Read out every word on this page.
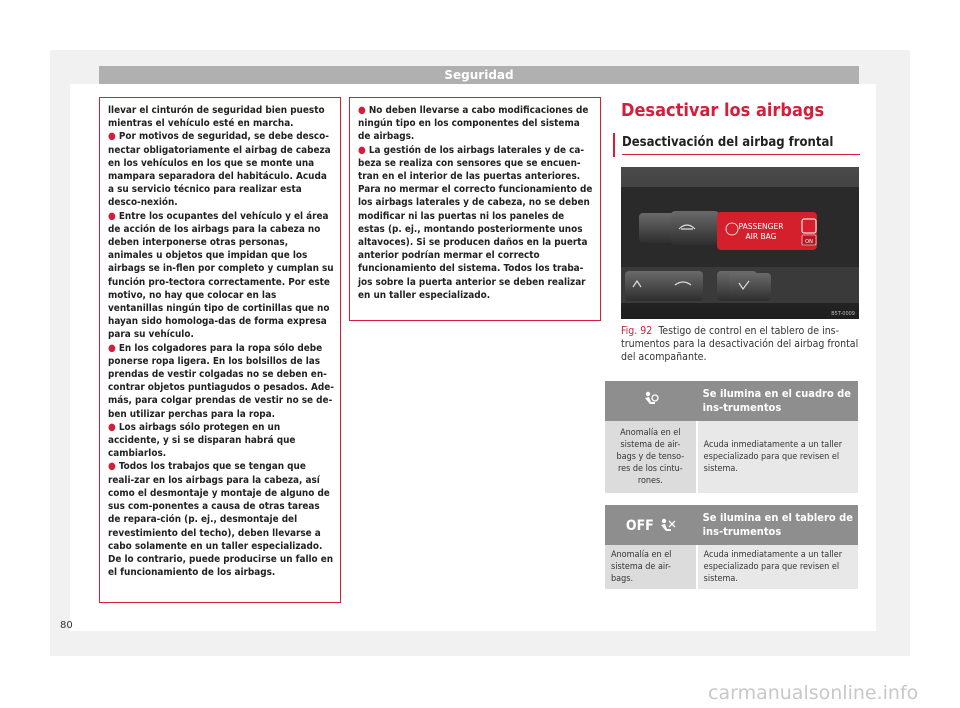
Seguridad

llevar el cinturón de seguridad bien puesto mientras el vehículo esté en marcha.

● Por motivos de seguridad, se debe desco-nectar obligatoriamente el airbag de cabeza en los vehículos en los que se monte una mampara separadora del habitáculo. Acuda a su servicio técnico para realizar esta desco-nexión.

● Entre los ocupantes del vehículo y el área de acción de los airbags para la cabeza no deben interponerse otras personas, animales u objetos que impidan que los airbags se in-flen por completo y cumplan su función pro-tectora correctamente. Por este motivo, no hay que colocar en las ventanillas ningún tipo de cortinillas que no hayan sido homologa-das de forma expresa para su vehículo.

● En los colgadores para la ropa sólo debe ponerse ropa ligera. En los bolsillos de las prendas de vestir colgadas no se deben en-contrar objetos puntiagudos o pesados. Ade-más, para colgar prendas de vestir no se de-ben utilizar perchas para la ropa.

● Los airbags sólo protegen en un accidente, y si se disparan habrá que cambiarlos.

● Todos los trabajos que se tengan que reali-zar en los airbags para la cabeza, así como el desmontaje y montaje de alguno de sus com-ponentes a causa de otras tareas de repara-ción (p. ej., desmontaje del revestimiento del techo), deben llevarse a cabo solamente en un taller especializado. De lo contrario, puede producirse un fallo en el funcionamiento de los airbags.

● No deben llevarse a cabo modificaciones de ningún tipo en los componentes del sistema de airbags.

● La gestión de los airbags laterales y de ca-beza se realiza con sensores que se encuen-tran en el interior de las puertas anteriores. Para no mermar el correcto funcionamiento de los airbags laterales y de cabeza, no se deben modificar ni las puertas ni los paneles de estas (p. ej., montando posteriormente unos altavoces). Si se producen daños en la puerta anterior podrían mermar el correcto funcionamiento del sistema. Todos los traba-jos sobre la puerta anterior se deben realizar en un taller especializado.

Desactivar los airbags
Desactivación del airbag frontal
ON
PASSENGER
AIR BAG
B5T-0009
Fig. 92 Testigo de control en el tablero de ins-trumentos para la desactivación del airbag frontal del acompañante.
	Se ilumina en el cuadro de ins-trumentos
Anomalía en el sistema de air-bags y de tenso-res de los cintu-rones.	Acuda inmediatamente a un taller especializado para que revisen el sistema.
OFF	Se ilumina en el tablero de ins-trumentos
Anomalía en el sistema de air-bags.	Acuda inmediatamente a un taller especializado para que revisen el sistema.
80
carmanualsonline.info
